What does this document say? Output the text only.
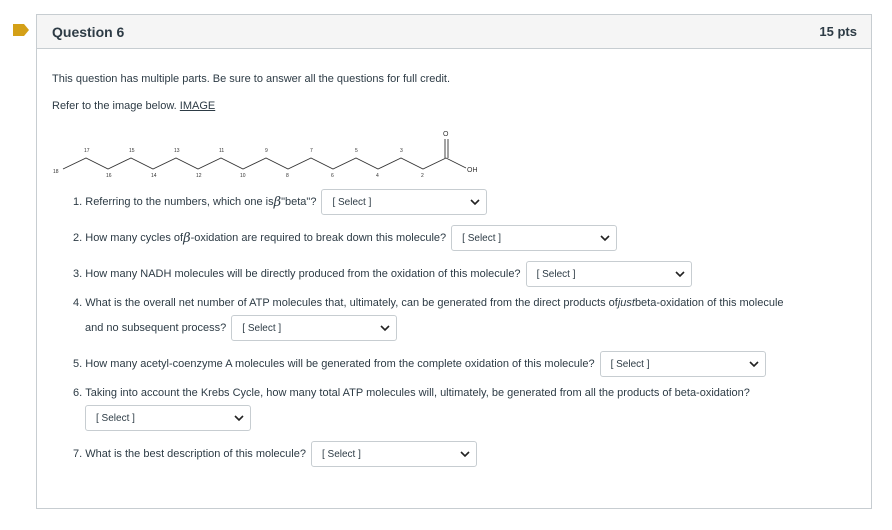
Question 6	15 pts
This question has multiple parts. Be sure to answer all the questions for full credit.
Refer to the image below. IMAGE
O
OH
18
17	15	13	11	9	7	5	3
16	14	12	10	8	6	4	2
1.
Referring to the numbers, which one is β "beta"? [ Select ]
2.
How many cycles of β -oxidation are required to break down this molecule? [ Select ]
3.
How many NADH molecules will be directly produced from the oxidation of this molecule? [ Select ]
4.
What is the overall net number of ATP molecules that, ultimately, can be generated from the direct products of just beta-oxidation of this molecule
and no subsequent process? [ Select ]
5.
How many acetyl-coenzyme A molecules will be generated from the complete oxidation of this molecule? [ Select ]
6.
Taking into account the Krebs Cycle, how many total ATP molecules will, ultimately, be generated from all the products of beta-oxidation?
[ Select ]
7.
What is the best description of this molecule? [ Select ]
